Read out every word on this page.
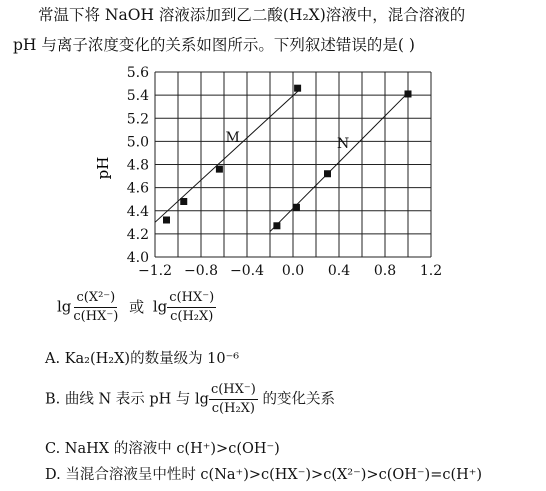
常温下将 NaOH 溶液添加到乙二酸(H₂X)溶液中，混合溶液的
pH 与离子浓度变化的关系如图所示。下列叙述错误的是( )
4.0
4.2
4.4
4.6
4.8
5.0
5.2
5.4
5.6
−1.2 −0.8 −0.4 0.0 0.4 0.8 1.2
M	N
pH
$\lg \frac{\text{c(X²⁻)}}{c(HX^-)}$ 或 $\lg \frac{c(HX^-)}{\text{c(H₂X)}}$
A. Ka₂(H₂X)的数量级为 10⁻⁶
B. 曲线 N 表示 pH 与 $\lg \frac{c(HX^-)}{\text{c(H₂X)}}$ 的变化关系
C. NaHX 的溶液中 c(H⁺)>c(OH⁻)
D. 当混合溶液呈中性时 c(Na⁺)>c(HX⁻)>c(X²⁻)>c(OH⁻)=c(H⁺)
